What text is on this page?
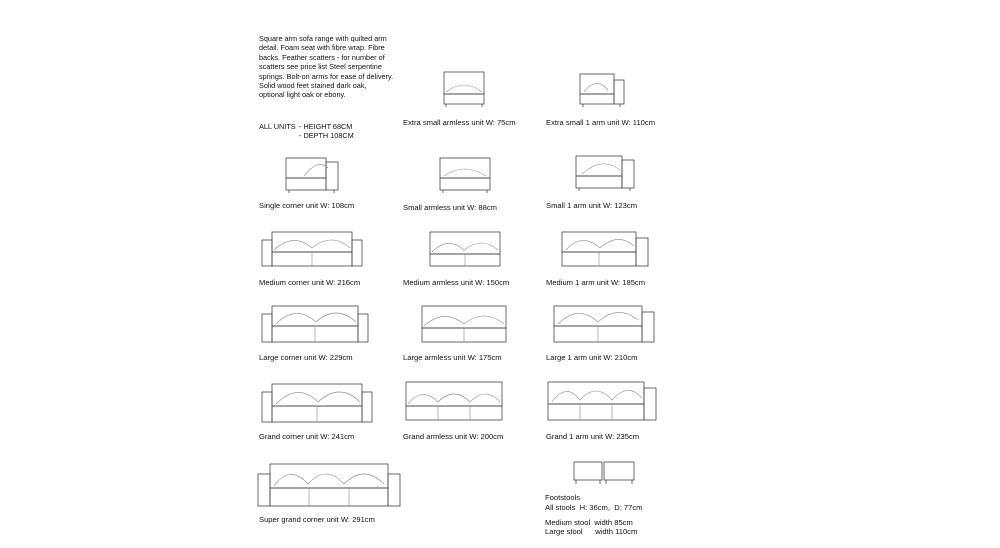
Square arm sofa range with quilted arm detail. Foam seat with fibre wrap. Fibre backs. Feather scatters - for number of scatters see price list Steel serpentine springs. Bolt-on arms for ease of delivery. Solid wood feet stained dark oak, optional light oak or ebony.
ALL UNITS - HEIGHT 68CM
- DEPTH 108CM
Extra small armless unit W: 75cm	Extra small 1 arm unit W: 110cm
Single corner unit W: 108cm	Small armless unit W: 88cm	Small 1 arm unit W: 123cm
Medium corner unit W: 216cm	Medium armless unit W: 150cm	Medium 1 arm unit W: 185cm
Large corner unit W: 229cm	Large armless unit W: 175cm	Large 1 arm unit W: 210cm
Grand corner unit W: 241cm	Grand armless unit W: 200cm	Grand 1 arm unit W: 235cm
Super grand corner unit W: 291cm
Footstools
All stools  H: 36cm,  D: 77cm
Medium stool  width 85cm
Large stool      width 110cm
